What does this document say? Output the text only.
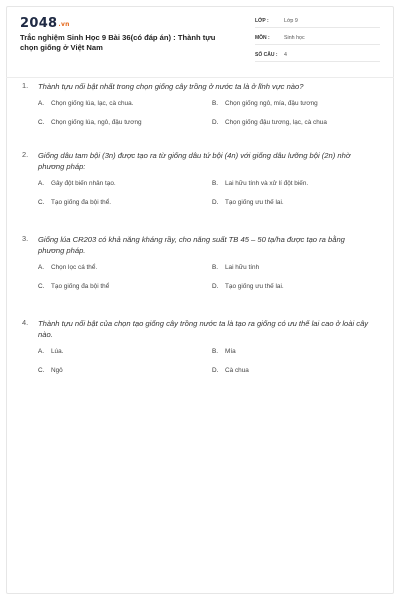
2048.vn
Trắc nghiệm Sinh Học 9 Bài 36(có đáp án) : Thành tựu chọn giống ở Việt Nam
LỚP :	Lớp 9
MÔN :	Sinh học
SỐ CÂU :	4
1.	Thành tựu nổi bật nhất trong chọn giống cây trồng ở nước ta là ở lĩnh vực nào?
A.	Chọn giống lúa, lạc, cà chua.	B.	Chọn giống ngô, mía, đậu tương
C.	Chọn giống lúa, ngô, đậu tương	D.	Chọn giống đậu tương, lạc, cà chua
2.	Giống dâu tam bội (3n) được tạo ra từ giống dâu tứ bội (4n) với giống dâu lưỡng bội (2n) nhờ phương pháp:
A.	Gây đột biến nhân tạo.	B.	Lai hữu tính và xử lí đột biến.
C.	Tạo giống đa bội thể.	D.	Tạo giống ưu thế lai.
3.	Giống lúa CR203 có khả năng kháng rầy, cho năng suất TB 45 – 50 tạ/ha được tạo ra bằng phương pháp.
A.	Chọn lọc cá thể.	B.	Lai hữu tính
C.	Tạo giống đa bội thể	D.	Tạo giống ưu thế lai.
4.	Thành tựu nổi bật của chọn tạo giống cây trồng nước ta là tạo ra giống có ưu thế lai cao ở loài cây nào.
A.	Lúa.	B.	Mía
C.	Ngô	D.	Cà chua
